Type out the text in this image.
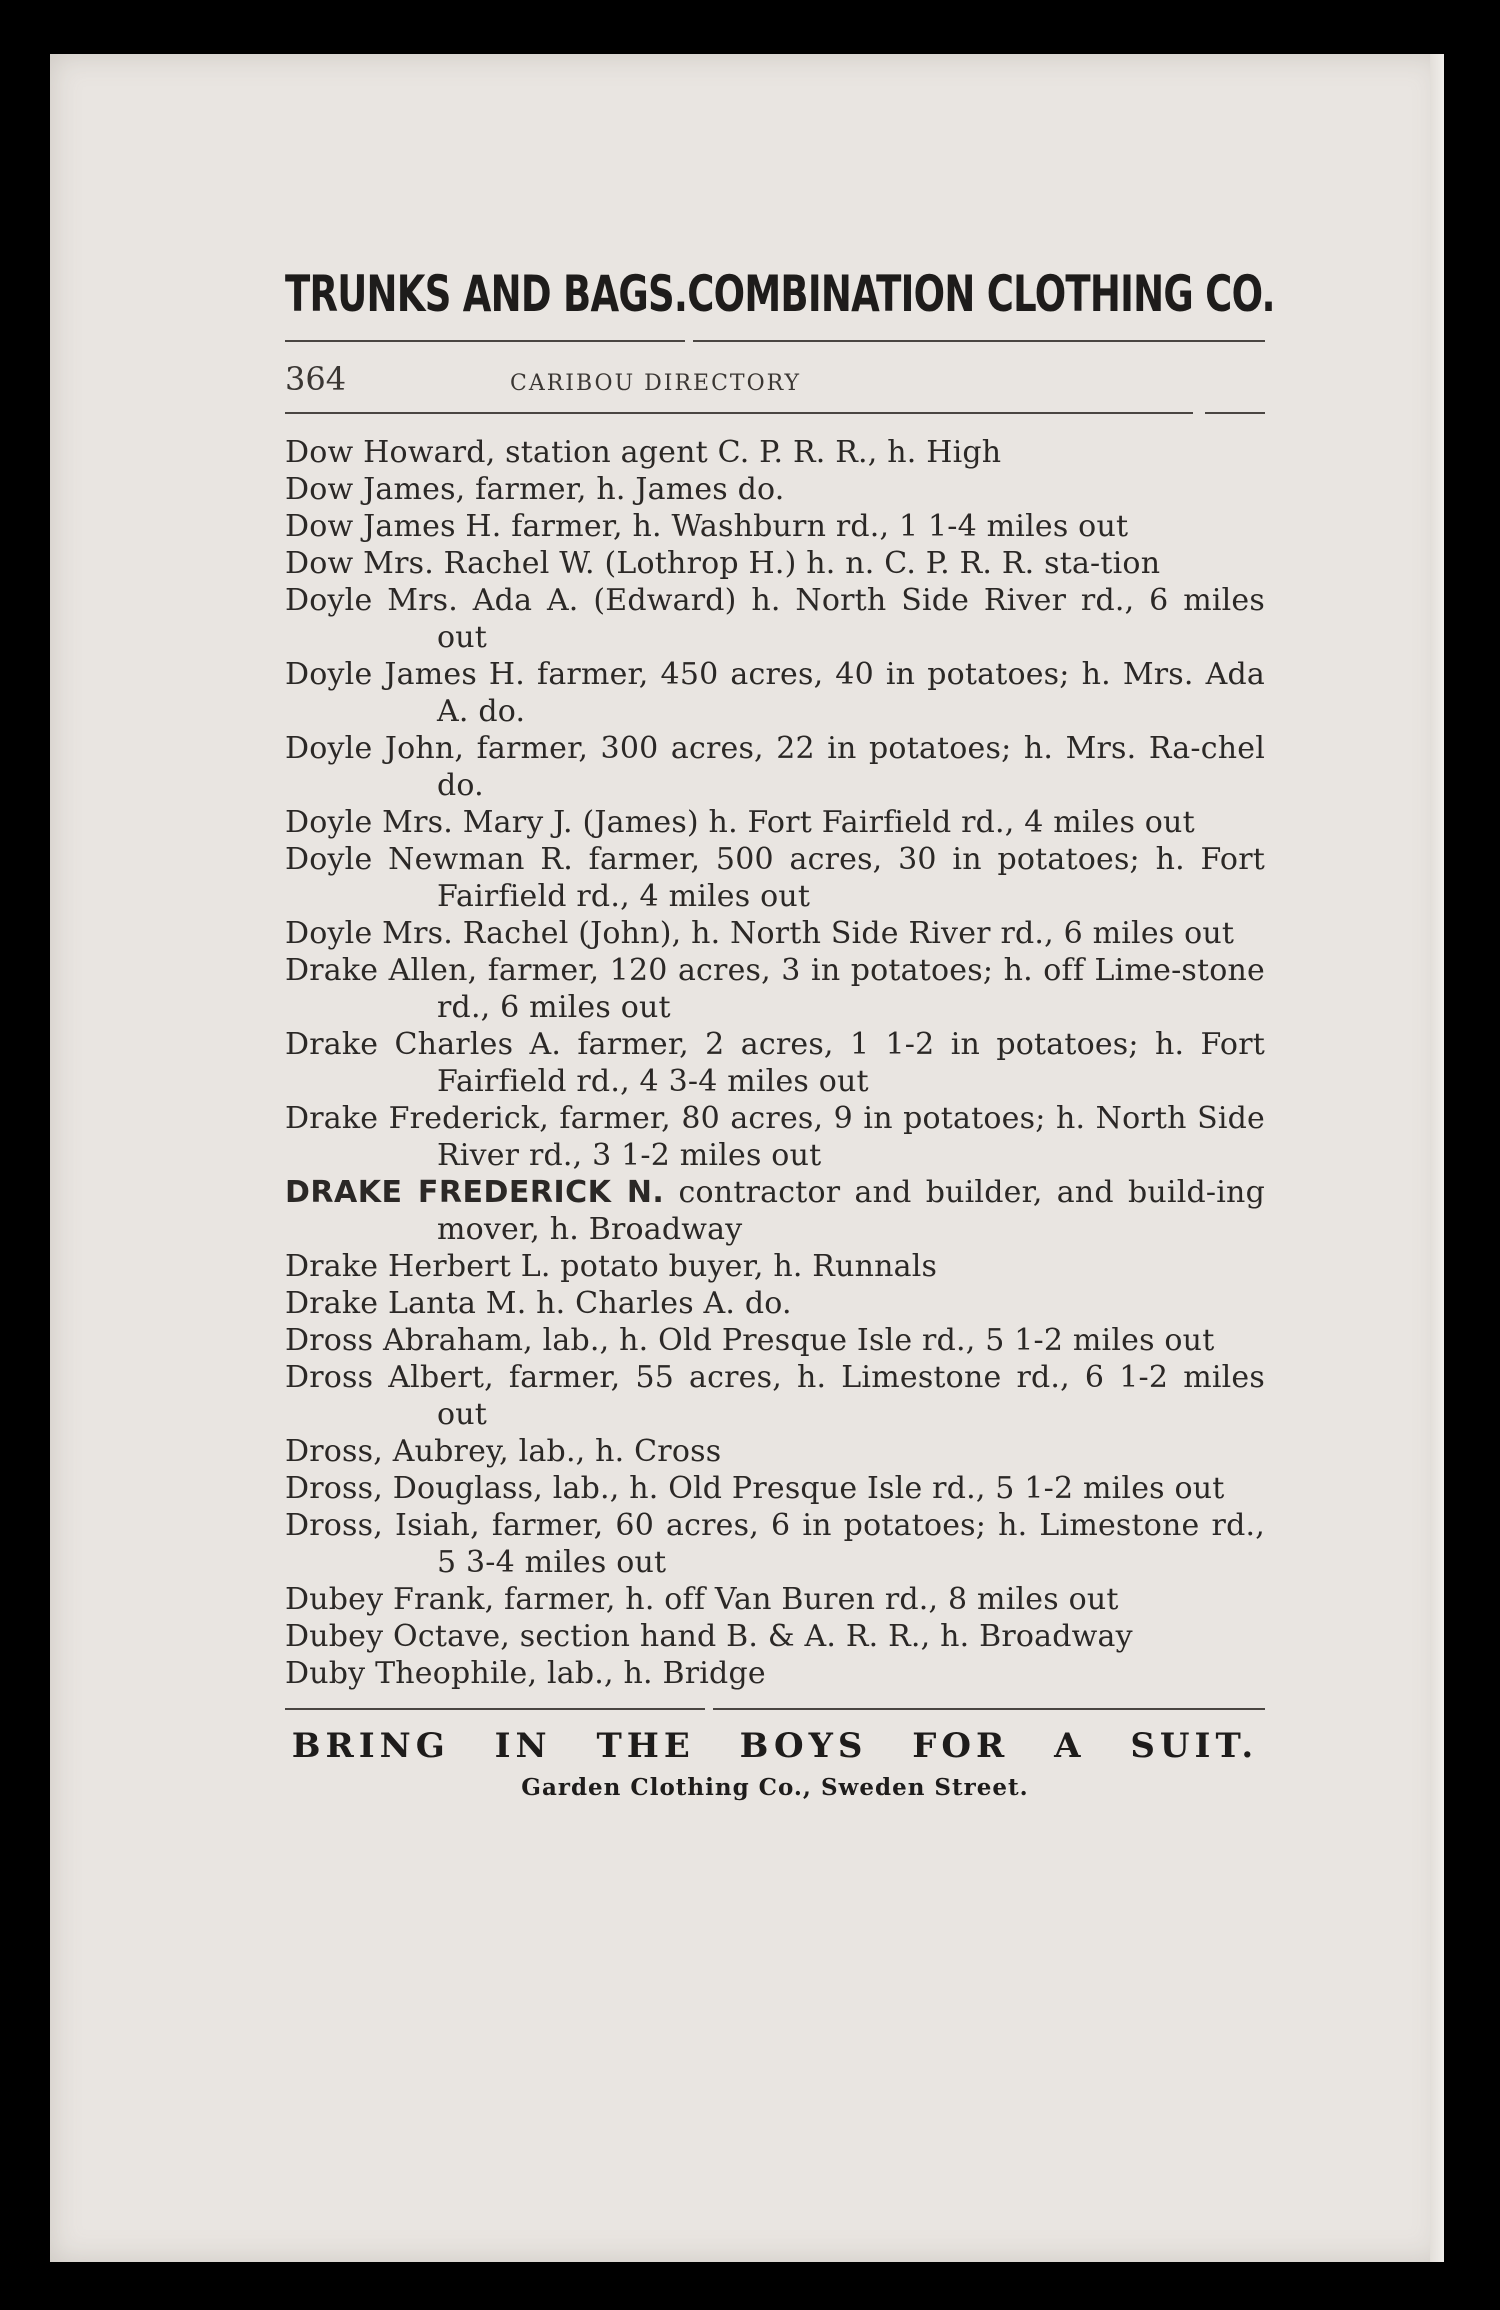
TRUNKS AND BAGS. COMBINATION CLOTHING CO.
364	CARIBOU DIRECTORY
Dow Howard, station agent C. P. R. R., h. High
Dow James, farmer, h. James do.
Dow James H. farmer, h. Washburn rd., 1 1-4 miles out
Dow Mrs. Rachel W. (Lothrop H.) h. n. C. P. R. R. sta-tion
Doyle Mrs. Ada A. (Edward) h. North Side River rd., 6 miles out
Doyle James H. farmer, 450 acres, 40 in potatoes; h. Mrs. Ada A. do.
Doyle John, farmer, 300 acres, 22 in potatoes; h. Mrs. Ra-chel do.
Doyle Mrs. Mary J. (James) h. Fort Fairfield rd., 4 miles out
Doyle Newman R. farmer, 500 acres, 30 in potatoes; h. Fort Fairfield rd., 4 miles out
Doyle Mrs. Rachel (John), h. North Side River rd., 6 miles out
Drake Allen, farmer, 120 acres, 3 in potatoes; h. off Lime-stone rd., 6 miles out
Drake Charles A. farmer, 2 acres, 1 1-2 in potatoes; h. Fort Fairfield rd., 4 3-4 miles out
Drake Frederick, farmer, 80 acres, 9 in potatoes; h. North Side River rd., 3 1-2 miles out
DRAKE FREDERICK N. contractor and builder, and build-ing mover, h. Broadway
Drake Herbert L. potato buyer, h. Runnals
Drake Lanta M. h. Charles A. do.
Dross Abraham, lab., h. Old Presque Isle rd., 5 1-2 miles out
Dross Albert, farmer, 55 acres, h. Limestone rd., 6 1-2 miles out
Dross, Aubrey, lab., h. Cross
Dross, Douglass, lab., h. Old Presque Isle rd., 5 1-2 miles out
Dross, Isiah, farmer, 60 acres, 6 in potatoes; h. Limestone rd., 5 3-4 miles out
Dubey Frank, farmer, h. off Van Buren rd., 8 miles out
Dubey Octave, section hand B. & A. R. R., h. Broadway
Duby Theophile, lab., h. Bridge
BRING IN THE BOYS FOR A SUIT.
Garden Clothing Co., Sweden Street.
